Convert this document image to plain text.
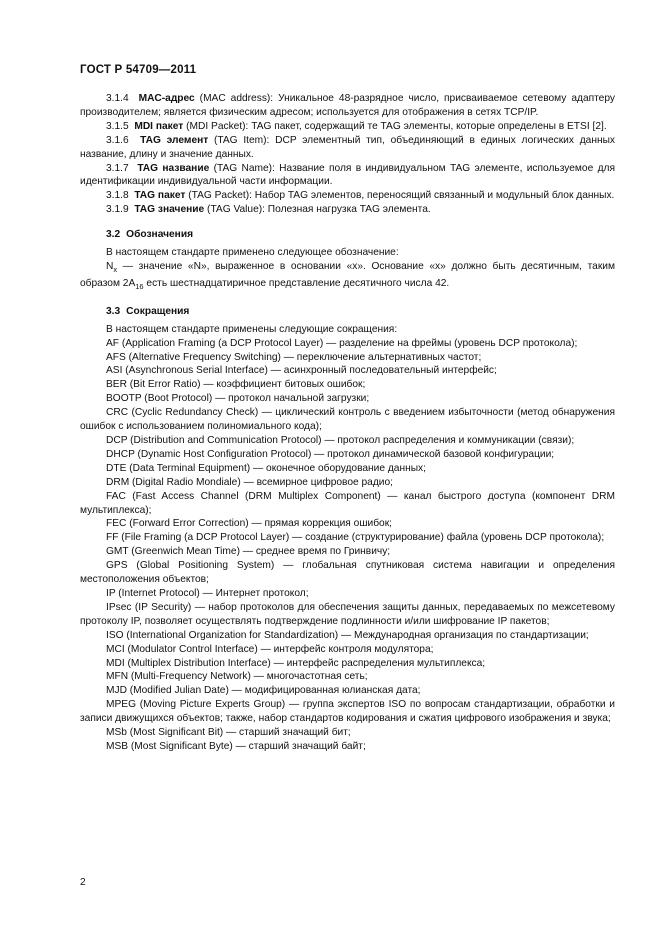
ГОСТ Р 54709—2011

3.1.4 MAC-адрес (MAC address): Уникальное 48-разрядное число, присваиваемое сетевому адаптеру производителем; является физическим адресом; используется для отображения в сетях TCP/IP.

3.1.5 MDI пакет (MDI Packet): TAG пакет, содержащий те TAG элементы, которые определены в ETSI [2].

3.1.6 TAG элемент (TAG Item): DCP элементный тип, объединяющий в единых логических данных название, длину и значение данных.

3.1.7 TAG название (TAG Name): Название поля в индивидуальном TAG элементе, используемое для идентификации индивидуальной части информации.

3.1.8 TAG пакет (TAG Packet): Набор TAG элементов, переносящий связанный и модульный блок данных.

3.1.9 TAG значение (TAG Value): Полезная нагрузка TAG элемента.

3.2 Обозначения

В настоящем стандарте применено следующее обозначение:

$N_x$ — значение «N», выраженное в основании «x». Основание «x» должно быть десятичным, таким образом $2A_{16}$ есть шестнадцатиричное представление десятичного числа 42.

3.3 Сокращения

В настоящем стандарте применены следующие сокращения:

AF (Application Framing (a DCP Protocol Layer) — разделение на фреймы (уровень DCP протокола);

AFS (Alternative Frequency Switching) — переключение альтернативных частот;

ASI (Asynchronous Serial Interface) — асинхронный последовательный интерфейс;

BER (Bit Error Ratio) — коэффициент битовых ошибок;

BOOTP (Boot Protocol) — протокол начальной загрузки;

CRC (Cyclic Redundancy Check) — циклический контроль с введением избыточности (метод обнаружения ошибок с использованием полиномиального кода);

DCP (Distribution and Communication Protocol) — протокол распределения и коммуникации (связи);

DHCP (Dynamic Host Configuration Protocol) — протокол динамической базовой конфигурации;

DTE (Data Terminal Equipment) — оконечное оборудование данных;

DRM (Digital Radio Mondiale) — всемирное цифровое радио;

FAC (Fast Access Channel (DRM Multiplex Component) — канал быстрого доступа (компонент DRM мультиплекса);

FEC (Forward Error Correction) — прямая коррекция ошибок;

FF (File Framing (a DCP Protocol Layer) — создание (структурирование) файла (уровень DCP протокола);

GMT (Greenwich Mean Time) — среднее время по Гринвичу;

GPS (Global Positioning System) — глобальная спутниковая система навигации и определения местоположения объектов;

IP (Internet Protocol) — Интернет протокол;

IPsec (IP Security) — набор протоколов для обеспечения защиты данных, передаваемых по межсетевому протоколу IP, позволяет осуществлять подтверждение подлинности и/или шифрование IP пакетов;

ISO (International Organization for Standardization) — Международная организация по стандартизации;

MCI (Modulator Control Interface) — интерфейс контроля модулятора;

MDI (Multiplex Distribution Interface) — интерфейс распределения мультиплекса;

MFN (Multi-Frequency Network) — многочастотная сеть;

MJD (Modified Julian Date) — модифицированная юлианская дата;

MPEG (Moving Picture Experts Group) — группа экспертов ISO по вопросам стандартизации, обработки и записи движущихся объектов; также, набор стандартов кодирования и сжатия цифрового изображения и звука;

MSb (Most Significant Bit) — старший значащий бит;

MSB (Most Significant Byte) — старший значащий байт;

2
